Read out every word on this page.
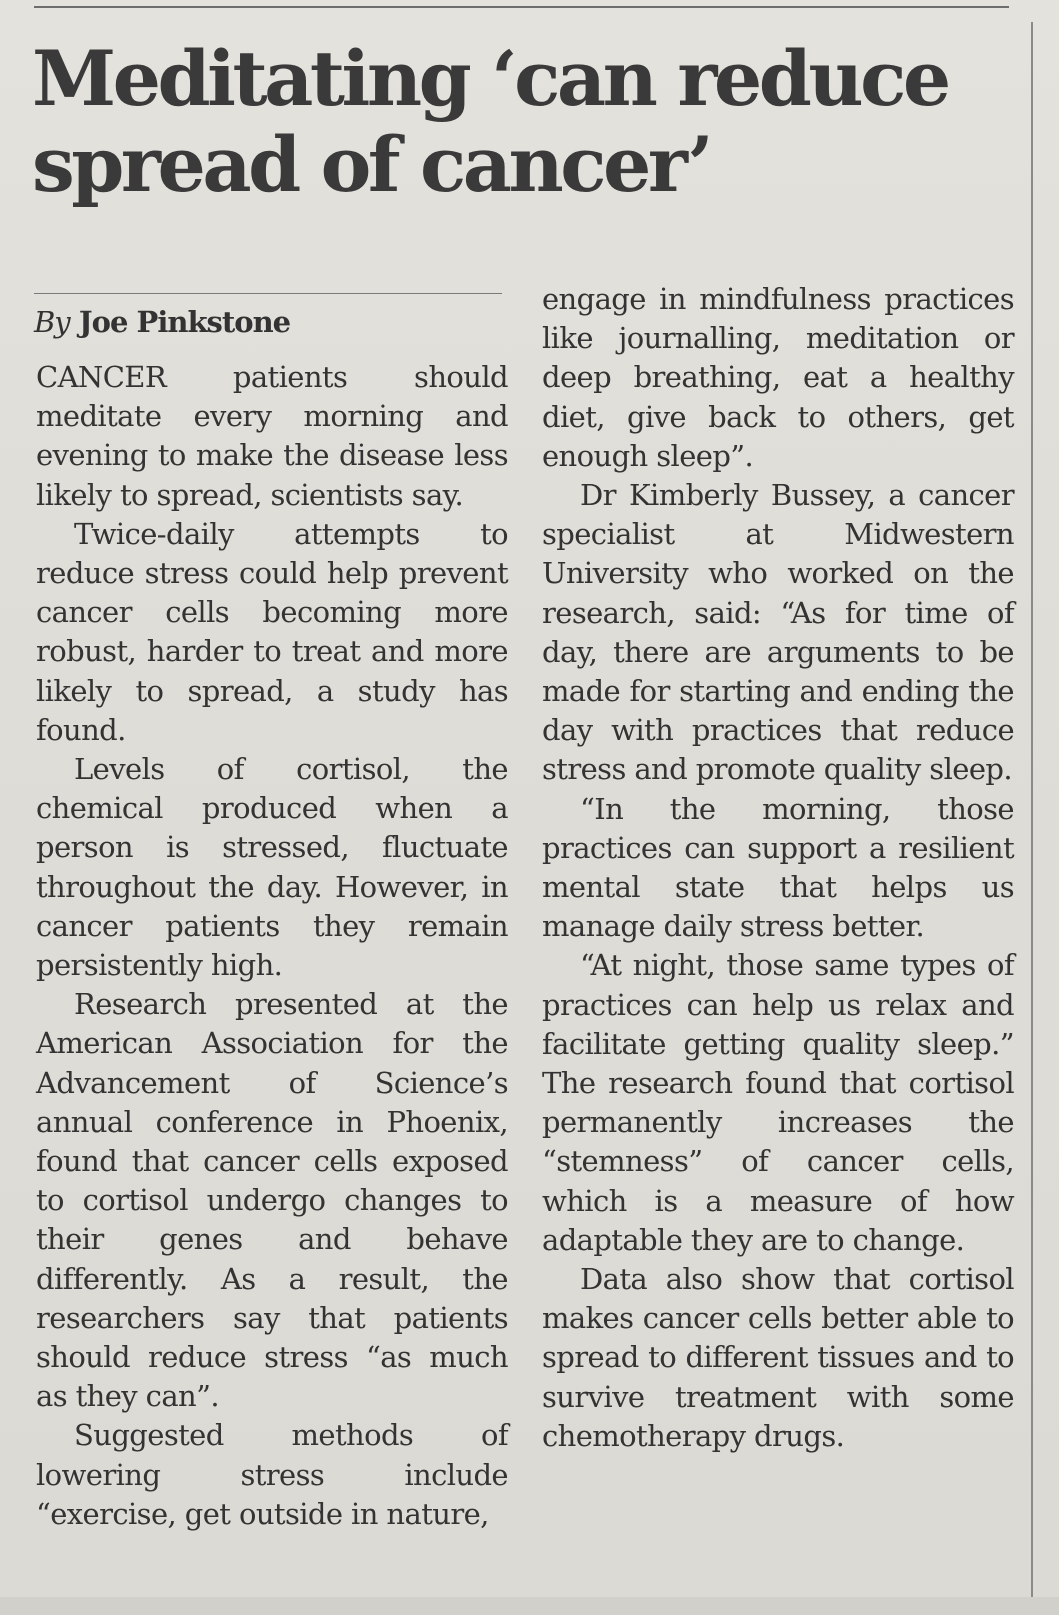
Meditating ‘can reduce
spread of cancer’
By Joe Pinkstone

CANCER patients should meditate every morning and evening to make the disease less likely to spread, scientists say.

Twice-daily attempts to reduce stress could help prevent cancer cells becoming more robust, harder to treat and more likely to spread, a study has found.

Levels of cortisol, the chemical produced when a person is stressed, fluctuate throughout the day. However, in cancer patients they remain persistently high.

Research presented at the American Association for the Advancement of Science’s annual conference in Phoenix, found that cancer cells exposed to cortisol undergo changes to their genes and behave differently. As a result, the researchers say that patients should reduce stress “as much as they can”.

Suggested methods of lowering stress include “exercise, get outside in nature,

engage in mindfulness practices like journalling, meditation or deep breathing, eat a healthy diet, give back to others, get enough sleep”.

Dr Kimberly Bussey, a cancer specialist at Midwestern University who worked on the research, said: “As for time of day, there are arguments to be made for starting and ending the day with practices that reduce stress and promote quality sleep.

“In the morning, those practices can support a resilient mental state that helps us manage daily stress better.

“At night, those same types of practices can help us relax and facilitate getting quality sleep.” The research found that cortisol permanently increases the “stemness” of cancer cells, which is a measure of how adaptable they are to change.

Data also show that cortisol makes cancer cells better able to spread to different tissues and to survive treatment with some chemotherapy drugs.
